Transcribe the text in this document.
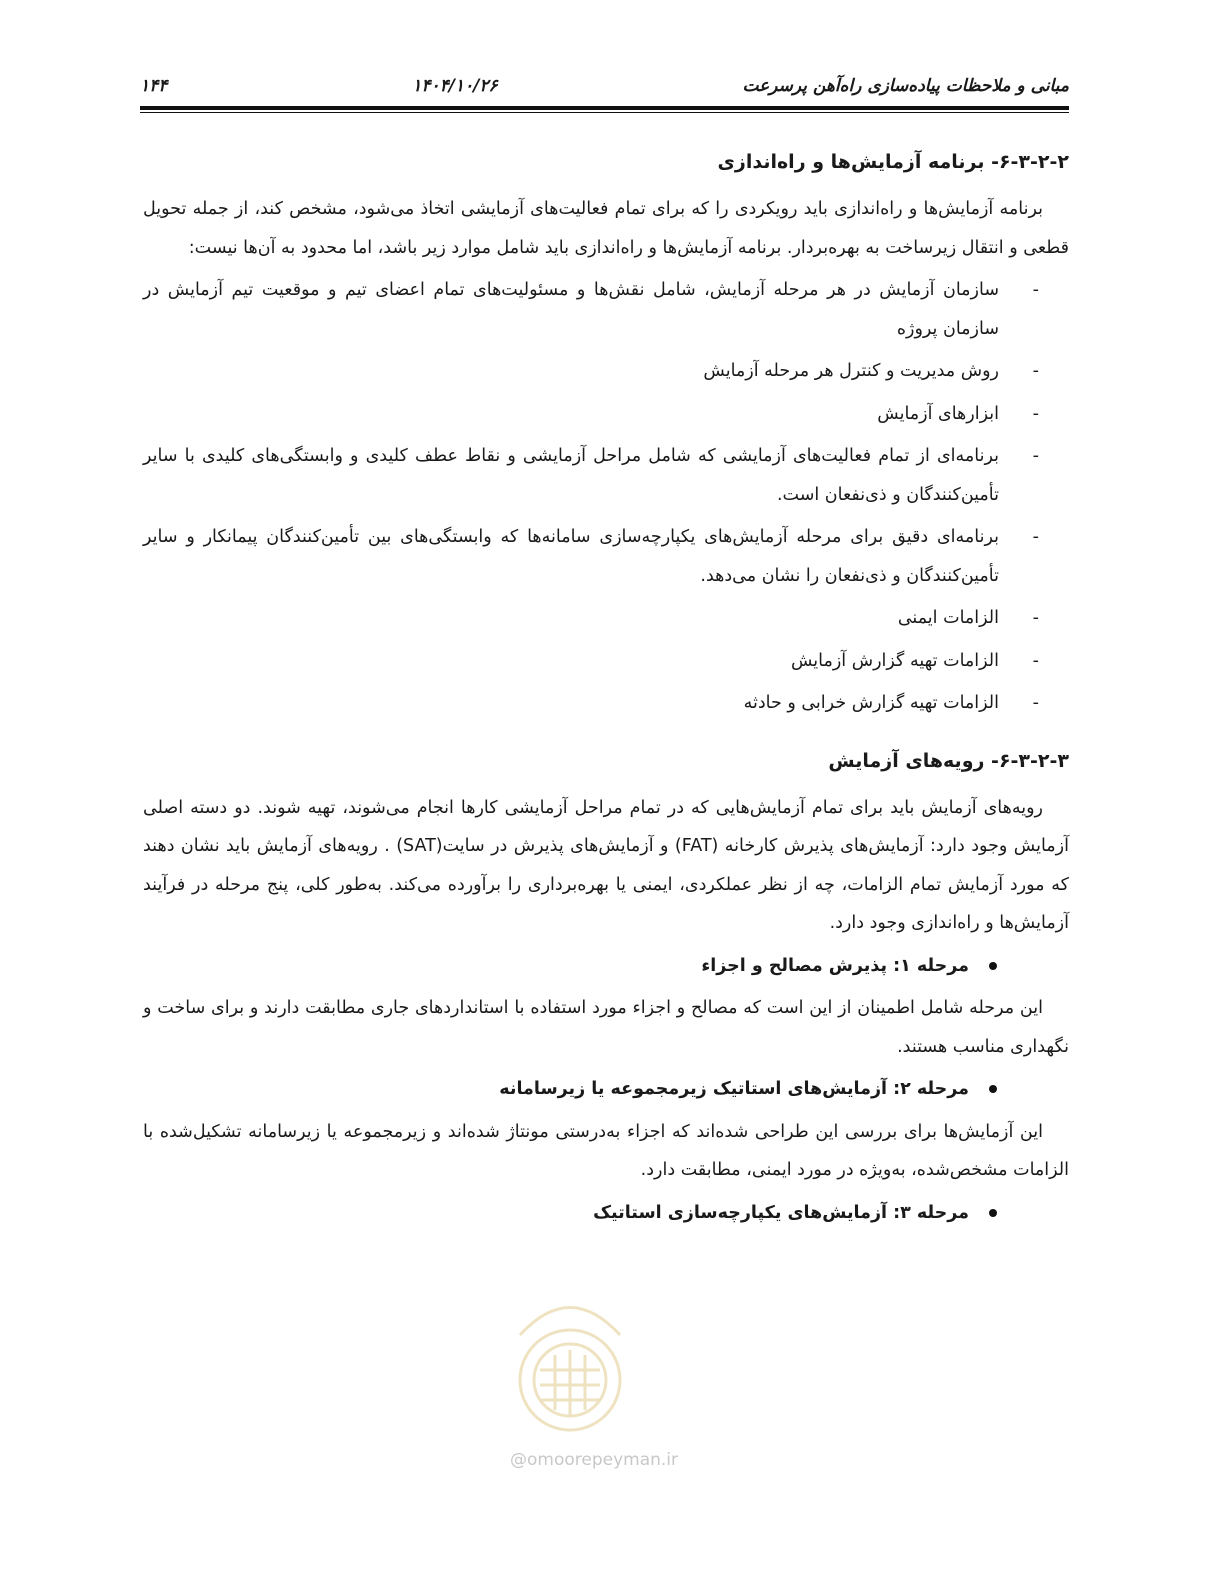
۱۴۴	۱۴۰۴/۱۰/۲۶	مبانی و ملاحظات پیاده‌سازی راه‌آهن پرسرعت
۶-۳-۲-۲- برنامه آزمایش‌ها و راه‌اندازی

برنامه آزمایش‌ها و راه‌اندازی باید رویکردی را که برای تمام فعالیت‌های آزمایشی اتخاذ می‌شود، مشخص کند، از جمله تحویل قطعی و انتقال زیرساخت به بهره‌بردار. برنامه آزمایش‌ها و راه‌اندازی باید شامل موارد زیر باشد، اما محدود به آن‌ها نیست:

- سازمان آزمایش در هر مرحله آزمایش، شامل نقش‌ها و مسئولیت‌های تمام اعضای تیم و موقعیت تیم آزمایش در سازمان پروژه
- روش مدیریت و کنترل هر مرحله آزمایش
- ابزارهای آزمایش
- برنامه‌ای از تمام فعالیت‌های آزمایشی که شامل مراحل آزمایشی و نقاط عطف کلیدی و وابستگی‌های کلیدی با سایر تأمین‌کنندگان و ذی‌نفعان است.
- برنامه‌ای دقیق برای مرحله آزمایش‌های یکپارچه‌سازی سامانه‌ها که وابستگی‌های بین تأمین‌کنندگان پیمانکار و سایر تأمین‌کنندگان و ذی‌نفعان را نشان می‌دهد.
- الزامات ایمنی
- الزامات تهیه گزارش آزمایش
- الزامات تهیه گزارش خرابی و حادثه
۶-۳-۲-۳- رویه‌های آزمایش

رویه‌های آزمایش باید برای تمام آزمایش‌هایی که در تمام مراحل آزمایشی کارها انجام می‌شوند، تهیه شوند. دو دسته اصلی آزمایش وجود دارد: آزمایش‌های پذیرش کارخانه (FAT) و آزمایش‌های پذیرش در سایت(SAT) . رویه‌های آزمایش باید نشان دهند که مورد آزمایش تمام الزامات، چه از نظر عملکردی، ایمنی یا بهره‌برداری را برآورده می‌کند. به‌طور کلی، پنج مرحله در فرآیند آزمایش‌ها و راه‌اندازی وجود دارد.

مرحله ۱: پذیرش مصالح و اجزاء

این مرحله شامل اطمینان از این است که مصالح و اجزاء مورد استفاده با استانداردهای جاری مطابقت دارند و برای ساخت و نگهداری مناسب هستند.

مرحله ۲: آزمایش‌های استاتیک زیرمجموعه یا زیرسامانه

این آزمایش‌ها برای بررسی این طراحی شده‌اند که اجزاء به‌درستی مونتاژ شده‌اند و زیرمجموعه یا زیرسامانه تشکیل‌شده با الزامات مشخص‌شده، به‌ویژه در مورد ایمنی، مطابقت دارد.

مرحله ۳: آزمایش‌های یکپارچه‌سازی استاتیک
@omoorepeyman.ir
